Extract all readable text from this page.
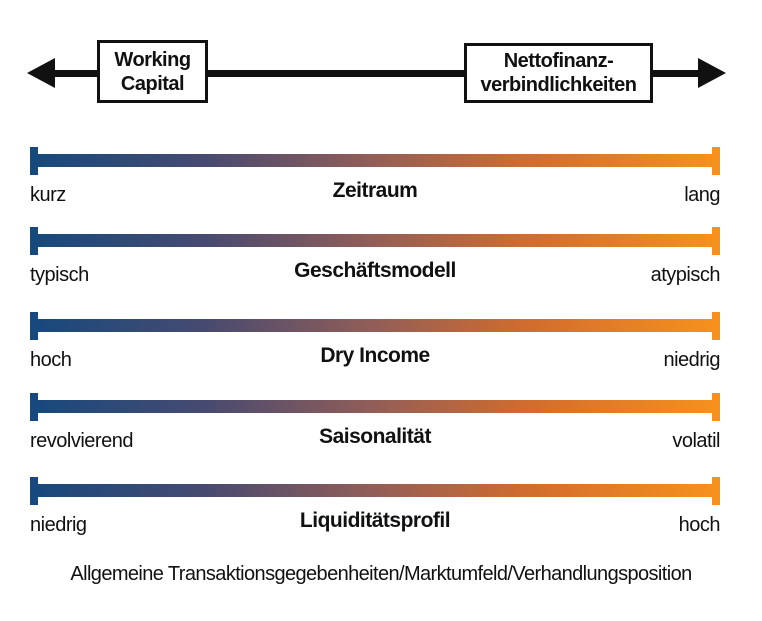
Working
Capital
Nettofinanz-
verbindlichkeiten
kurz	Zeitraum	lang
typisch	Geschäftsmodell	atypisch
hoch	Dry Income	niedrig
revolvierend	Saisonalität	volatil
niedrig	Liquiditätsprofil	hoch
Allgemeine Transaktionsgegebenheiten/Marktumfeld/Verhandlungsposition
